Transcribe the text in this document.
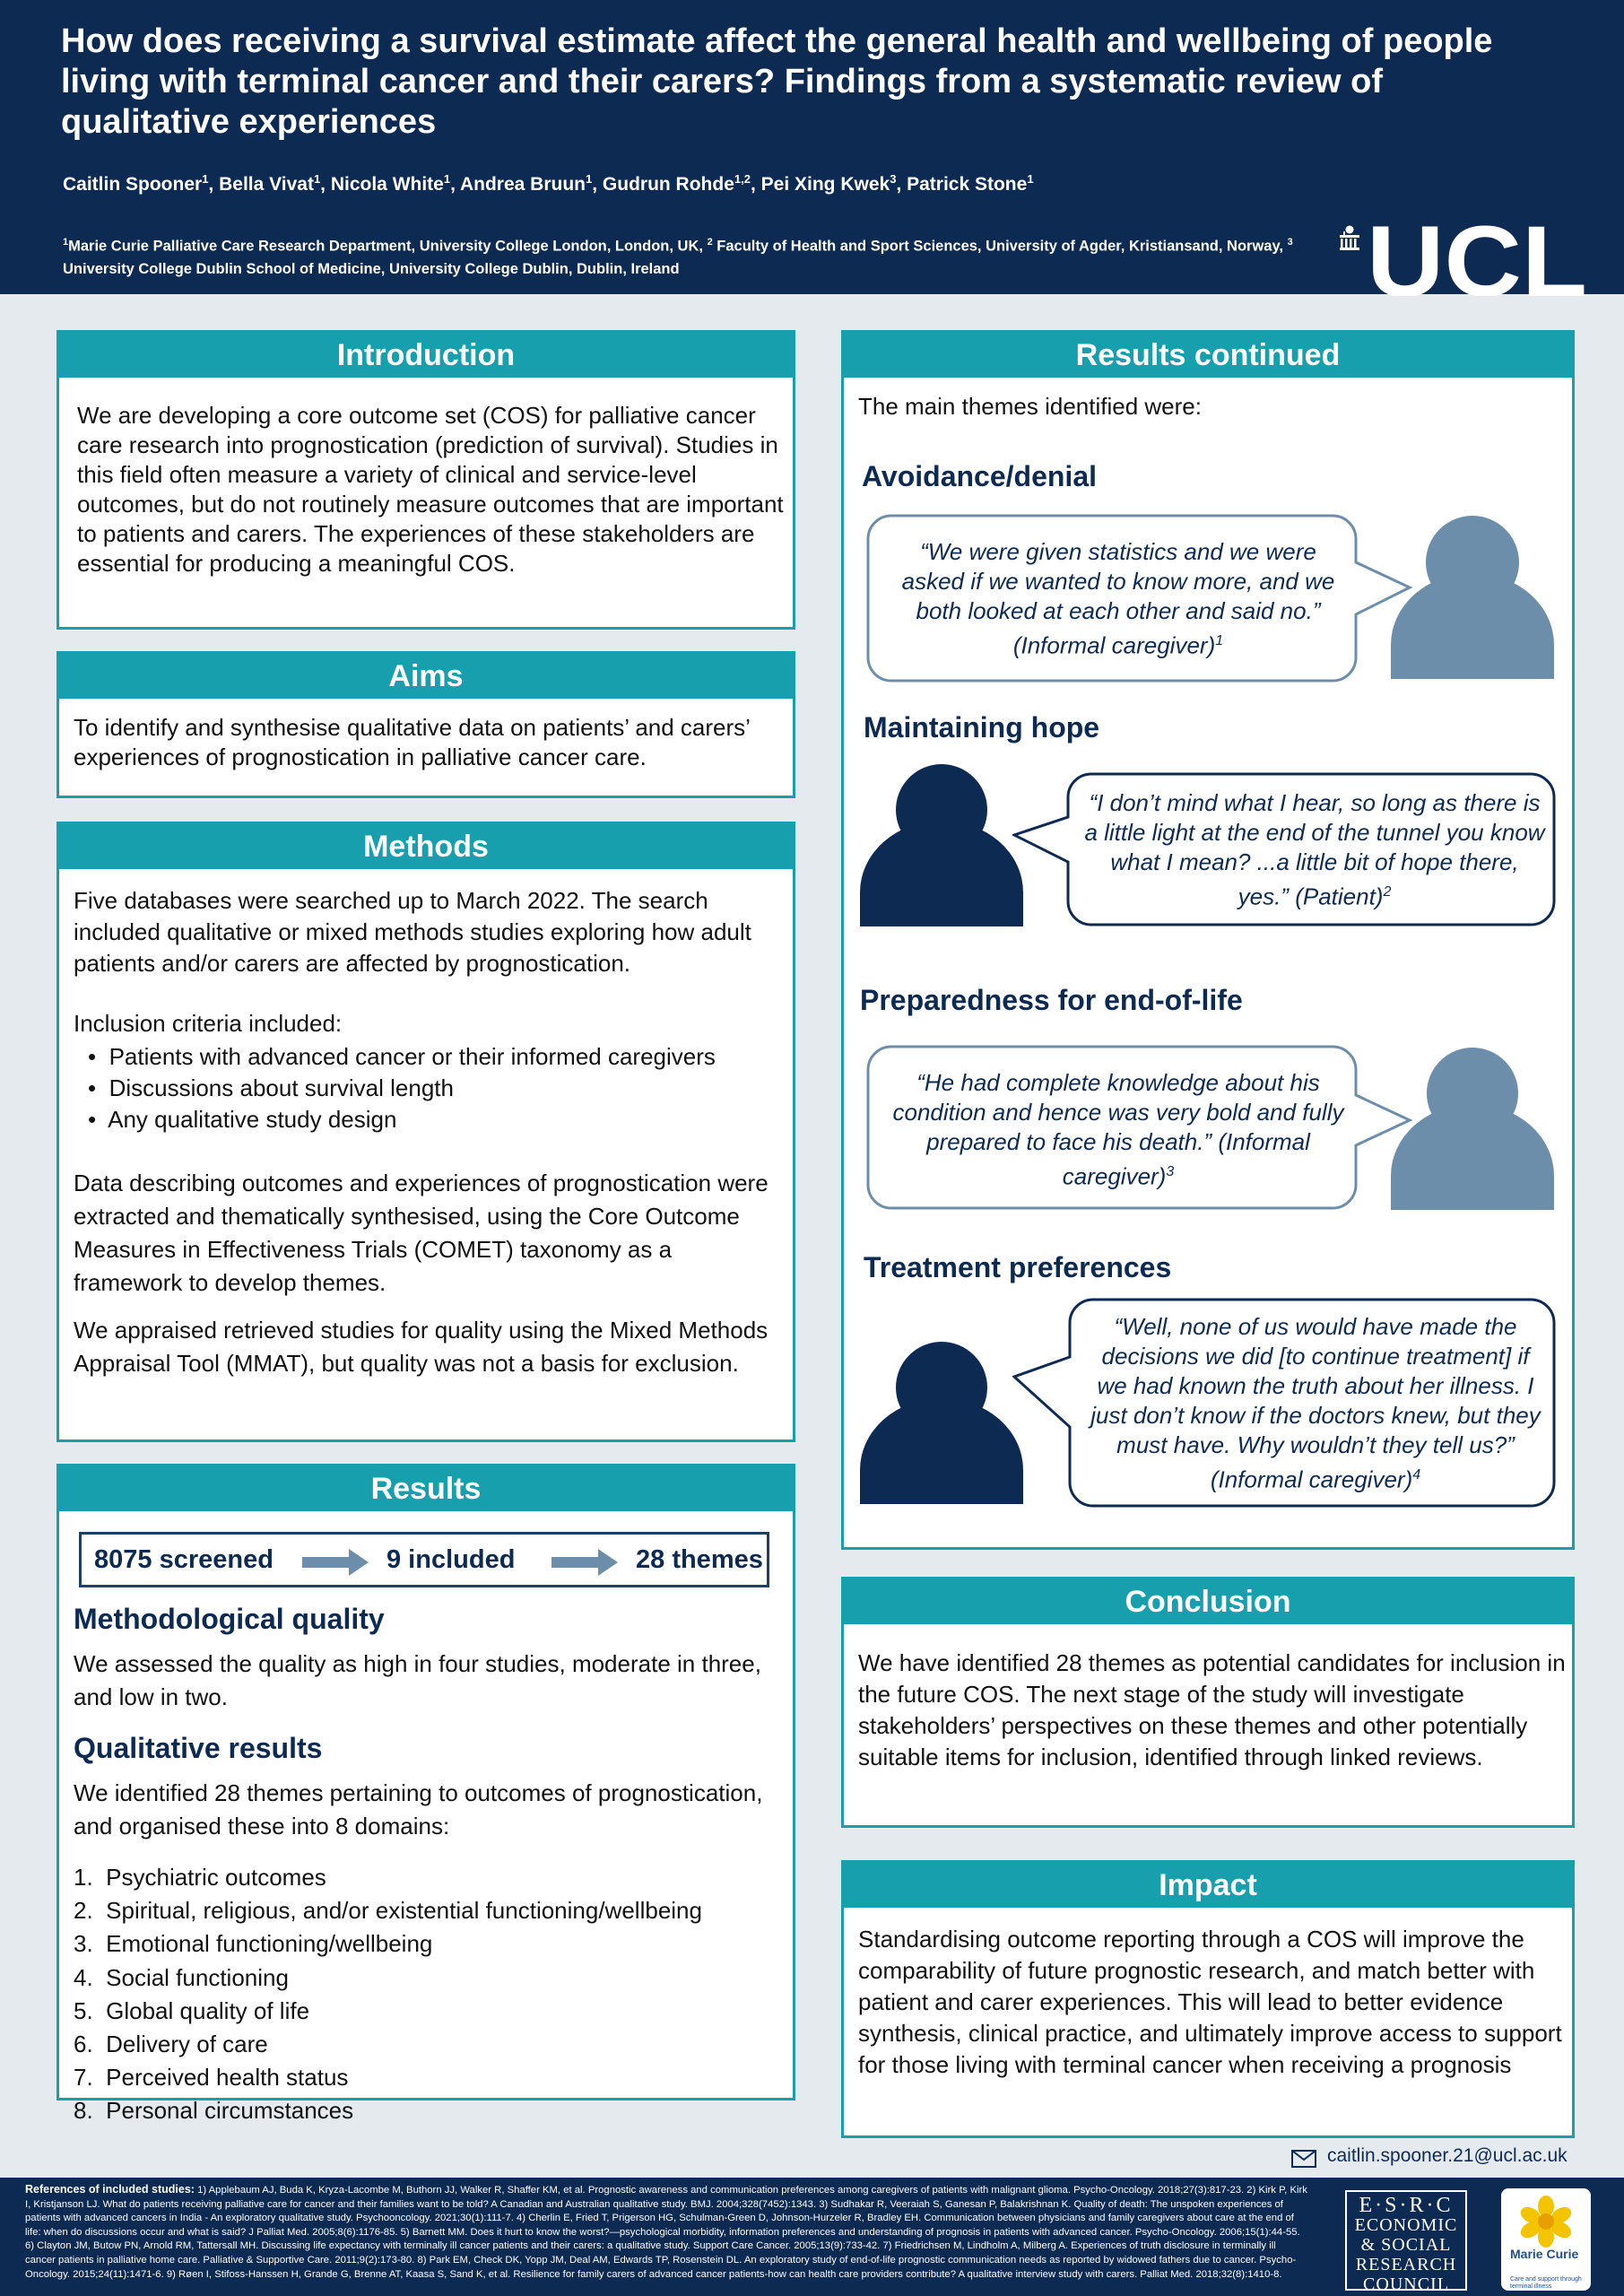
How does receiving a survival estimate affect the general health and wellbeing of people living with terminal cancer and their carers? Findings from a systematic review of qualitative experiences
Caitlin Spooner$^1$, Bella Vivat$^1$, Nicola White$^1$, Andrea Bruun$^1$, Gudrun Rohde$^{1,2}$, Pei Xing Kwek$^3$, Patrick Stone$^1$
$^1$Marie Curie Palliative Care Research Department, University College London, London, UK, $^2$ Faculty of Health and Sport Sciences, University of Agder, Kristiansand, Norway, $^3$ University College Dublin School of Medicine, University College Dublin, Dublin, Ireland	UCL
Introduction
We are developing a core outcome set (COS) for palliative cancer care research into prognostication (prediction of survival). Studies in this field often measure a variety of clinical and service-level outcomes, but do not routinely measure outcomes that are important to patients and carers. The experiences of these stakeholders are essential for producing a meaningful COS.
Aims
To identify and synthesise qualitative data on patients’ and carers’ experiences of prognostication in palliative cancer care.
Methods
Five databases were searched up to March 2022. The search included qualitative or mixed methods studies exploring how adult patients and/or carers are affected by prognostication.
Inclusion criteria included:
•  Patients with advanced cancer or their informed caregivers
•  Discussions about survival length
•  Any qualitative study design
Data describing outcomes and experiences of prognostication were extracted and thematically synthesised, using the Core Outcome Measures in Effectiveness Trials (COMET) taxonomy as a framework to develop themes.
We appraised retrieved studies for quality using the Mixed Methods Appraisal Tool (MMAT), but quality was not a basis for exclusion.
Results
8075 screened	9 included	28 themes
Methodological quality
We assessed the quality as high in four studies, moderate in three, and low in two.
Qualitative results
We identified 28 themes pertaining to outcomes of prognostication, and organised these into 8 domains:
1.  Psychiatric outcomes
2.  Spiritual, religious, and/or existential functioning/wellbeing
3.  Emotional functioning/wellbeing
4.  Social functioning
5.  Global quality of life
6.  Delivery of care
7.  Perceived health status
8.  Personal circumstances
Results continued
The main themes identified were:
Avoidance/denial
“We were given statistics and we were asked if we wanted to know more, and we both looked at each other and said no.” (Informal caregiver)$^1$
Maintaining hope
“I don’t mind what I hear, so long as there is a little light at the end of the tunnel you know what I mean? ...a little bit of hope there, yes.” (Patient)$^2$
Preparedness for end-of-life
“He had complete knowledge about his condition and hence was very bold and fully prepared to face his death.” (Informal caregiver)$^3$
Treatment preferences
“Well, none of us would have made the decisions we did [to continue treatment] if we had known the truth about her illness. I just don’t know if the doctors knew, but they must have. Why wouldn’t they tell us?” (Informal caregiver)$^4$
Conclusion
We have identified 28 themes as potential candidates for inclusion in the future COS. The next stage of the study will investigate stakeholders’ perspectives on these themes and other potentially suitable items for inclusion, identified through linked reviews.
Impact
Standardising outcome reporting through a COS will improve the comparability of future prognostic research, and match better with patient and carer experiences. This will lead to better evidence synthesis, clinical practice, and ultimately improve access to support for those living with terminal cancer when receiving a prognosis
caitlin.spooner.21@ucl.ac.uk
References of included studies: 1) Applebaum AJ, Buda K, Kryza-Lacombe M, Buthorn JJ, Walker R, Shaffer KM, et al. Prognostic awareness and communication preferences among caregivers of patients with malignant glioma. Psycho-Oncology. 2018;27(3):817-23. 2) Kirk P, Kirk I, Kristjanson LJ. What do patients receiving palliative care for cancer and their families want to be told? A Canadian and Australian qualitative study. BMJ. 2004;328(7452):1343. 3) Sudhakar R, Veeraiah S, Ganesan P, Balakrishnan K. Quality of death: The unspoken experiences of patients with advanced cancers in India - An exploratory qualitative study. Psychooncology. 2021;30(1):111-7. 4) Cherlin E, Fried T, Prigerson HG, Schulman-Green D, Johnson-Hurzeler R, Bradley EH. Communication between physicians and family caregivers about care at the end of life: when do discussions occur and what is said? J Palliat Med. 2005;8(6):1176-85. 5) Barnett MM. Does it hurt to know the worst?—psychological morbidity, information preferences and understanding of prognosis in patients with advanced cancer. Psycho-Oncology. 2006;15(1):44-55. 6) Clayton JM, Butow PN, Arnold RM, Tattersall MH. Discussing life expectancy with terminally ill cancer patients and their carers: a qualitative study. Support Care Cancer. 2005;13(9):733-42. 7) Friedrichsen M, Lindholm A, Milberg A. Experiences of truth disclosure in terminally ill cancer patients in palliative home care. Palliative & Supportive Care. 2011;9(2):173-80. 8) Park EM, Check DK, Yopp JM, Deal AM, Edwards TP, Rosenstein DL. An exploratory study of end-of-life prognostic communication needs as reported by widowed fathers due to cancer. Psycho-Oncology. 2015;24(11):1471-6. 9) Røen I, Stifoss-Hanssen H, Grande G, Brenne AT, Kaasa S, Sand K, et al. Resilience for family carers of advanced cancer patients-how can health care providers contribute? A qualitative interview study with carers. Palliat Med. 2018;32(8):1410-8.
E·S·R·C
ECONOMIC
& SOCIAL
RESEARCH
COUNCIL
Marie Curie
Care and support through terminal illness
